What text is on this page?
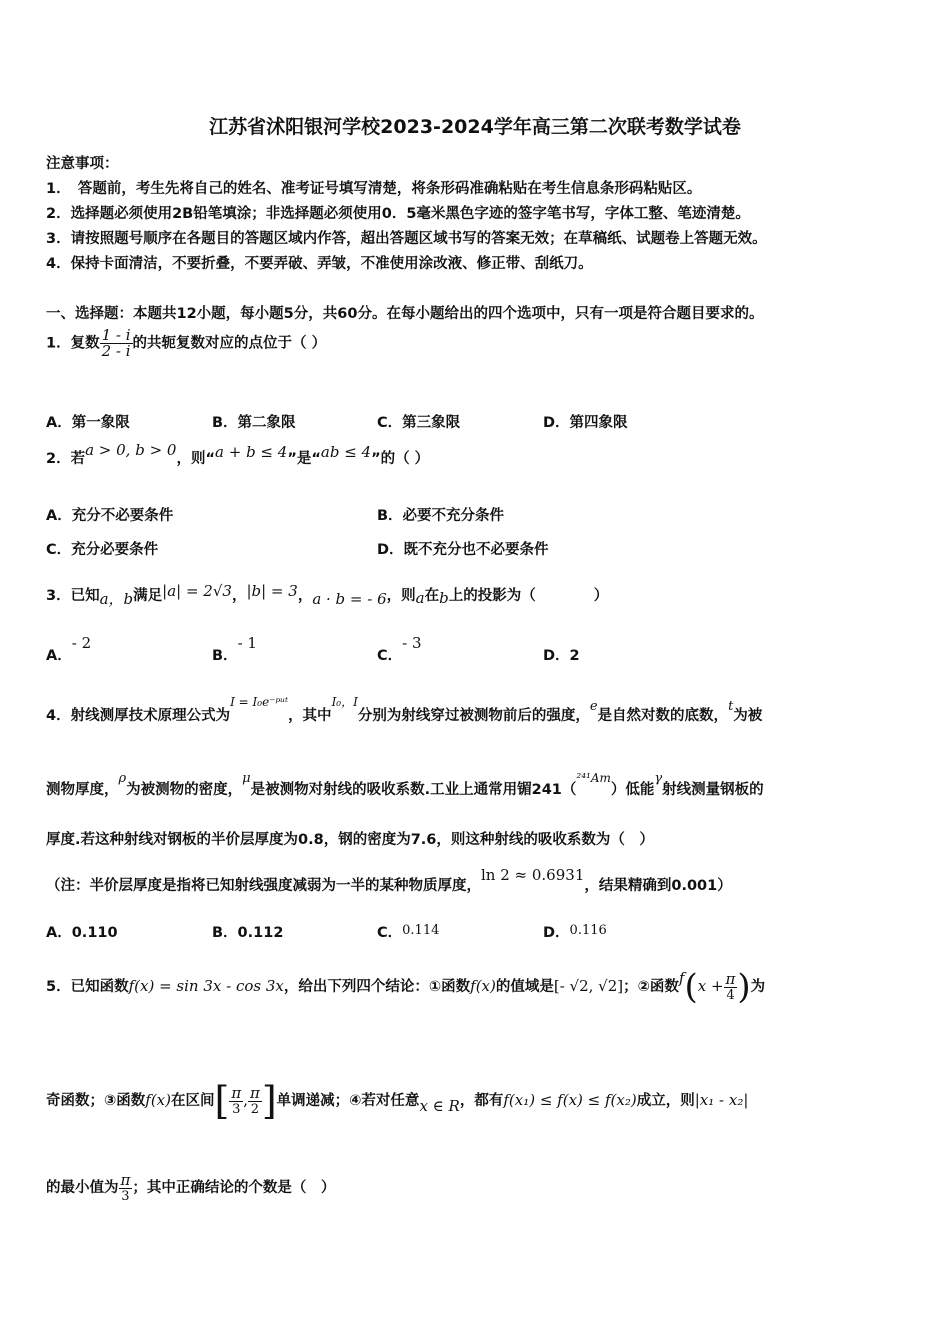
江苏省沭阳银河学校2023-2024学年高三第二次联考数学试卷
注意事项：
1．　答题前，考生先将自己的姓名、准考证号填写清楚，将条形码准确粘贴在考生信息条形码粘贴区。
2．选择题必须使用2B铅笔填涂；非选择题必须使用0．5毫米黑色字迹的签字笔书写，字体工整、笔迹清楚。
3．请按照题号顺序在各题目的答题区域内作答，超出答题区域书写的答案无效；在草稿纸、试题卷上答题无效。
4．保持卡面清洁，不要折叠，不要弄破、弄皱，不准使用涂改液、修正带、刮纸刀。
一、选择题：本题共12小题，每小题5分，共60分。在每小题给出的四个选项中，只有一项是符合题目要求的。
1．复数 $\frac{1 - i}{2 - i}$ 的共轭复数对应的点位于（ ）
A．第一象限	B．第二象限	C．第三象限	D．第四象限
2．若a > 0, b > 0，则“a + b ≤ 4”是“ab ≤ 4”的（ ）
A．充分不必要条件	B．必要不充分条件
C．充分必要条件	D．既不充分也不必要条件
3．已知a，b满足|a| = 2√3，|b| = 3，a · b = - 6，则a在b上的投影为（　　　　）
A．- 2
B．- 1
C．- 3
D．2
4．射线测厚技术原理公式为$^{I = I_0e^-ᵖᵘᵗ}$，其中$^{I_0,I}$分别为射线穿过被测物前后的强度，e是自然对数的底数，t为被
测物厚度，ρ为被测物的密度，μ是被测物对射线的吸收系数.工业上通常用镅241（$^{^{241}Am}$）低能γ射线测量钢板的
厚度.若这种射线对钢板的半价层厚度为0.8，钢的密度为7.6，则这种射线的吸收系数为（　）
（注：半价层厚度是指将已知射线强度减弱为一半的某种物质厚度，ln 2 ≈ 0.6931，结果精确到0.001）
A．0.110	B．0.112	C．0.114	D．0.116
5．已知函数f(x) = sin 3x - cos 3x，给出下列四个结论：①函数f(x)的值域是[- √2, √2]；②函数$f(x + \frac{\pi}{4}$ )为
奇函数；③函数f(x)在区间[ $\frac{\pi}{3}$ , $\frac{\pi}{2}$ ]单调递减；④若对任意x ∈ R，都有f(x₁) ≤ f(x) ≤ f(x₂)成立，则|x₁ - x₂|
的最小值为 $\frac{\pi}{3}$ ；其中正确结论的个数是（　）
